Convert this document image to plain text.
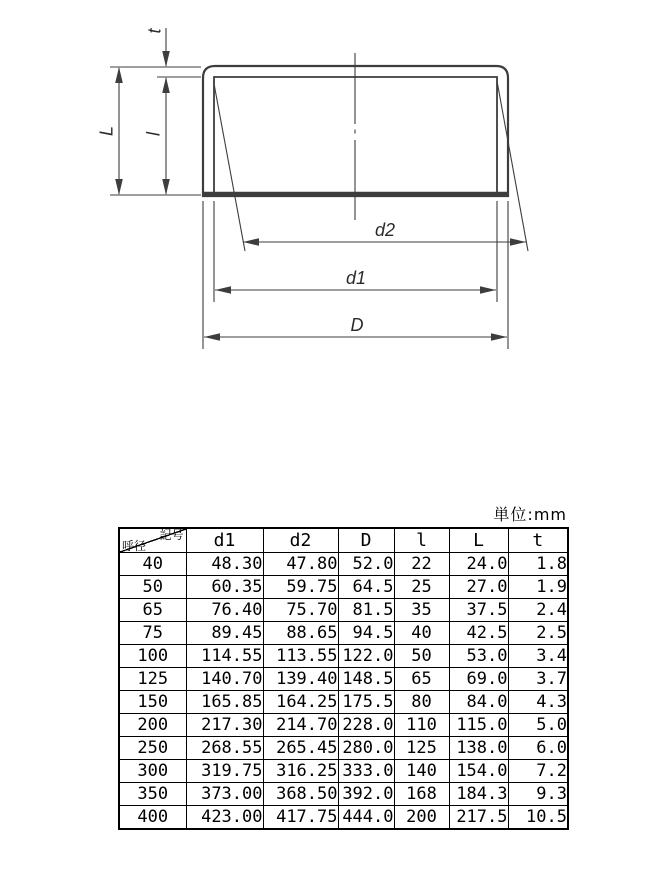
t
L l
d2
d1
D
単位:mm
記号
呼径	d1	d2	D	l	L	t
40	48.30	47.80	52.0	22	24.0	1.8
50	60.35	59.75	64.5	25	27.0	1.9
65	76.40	75.70	81.5	35	37.5	2.4
75	89.45	88.65	94.5	40	42.5	2.5
100	114.55	113.55	122.0	50	53.0	3.4
125	140.70	139.40	148.5	65	69.0	3.7
150	165.85	164.25	175.5	80	84.0	4.3
200	217.30	214.70	228.0	110	115.0	5.0
250	268.55	265.45	280.0	125	138.0	6.0
300	319.75	316.25	333.0	140	154.0	7.2
350	373.00	368.50	392.0	168	184.3	9.3
400	423.00	417.75	444.0	200	217.5	10.5
